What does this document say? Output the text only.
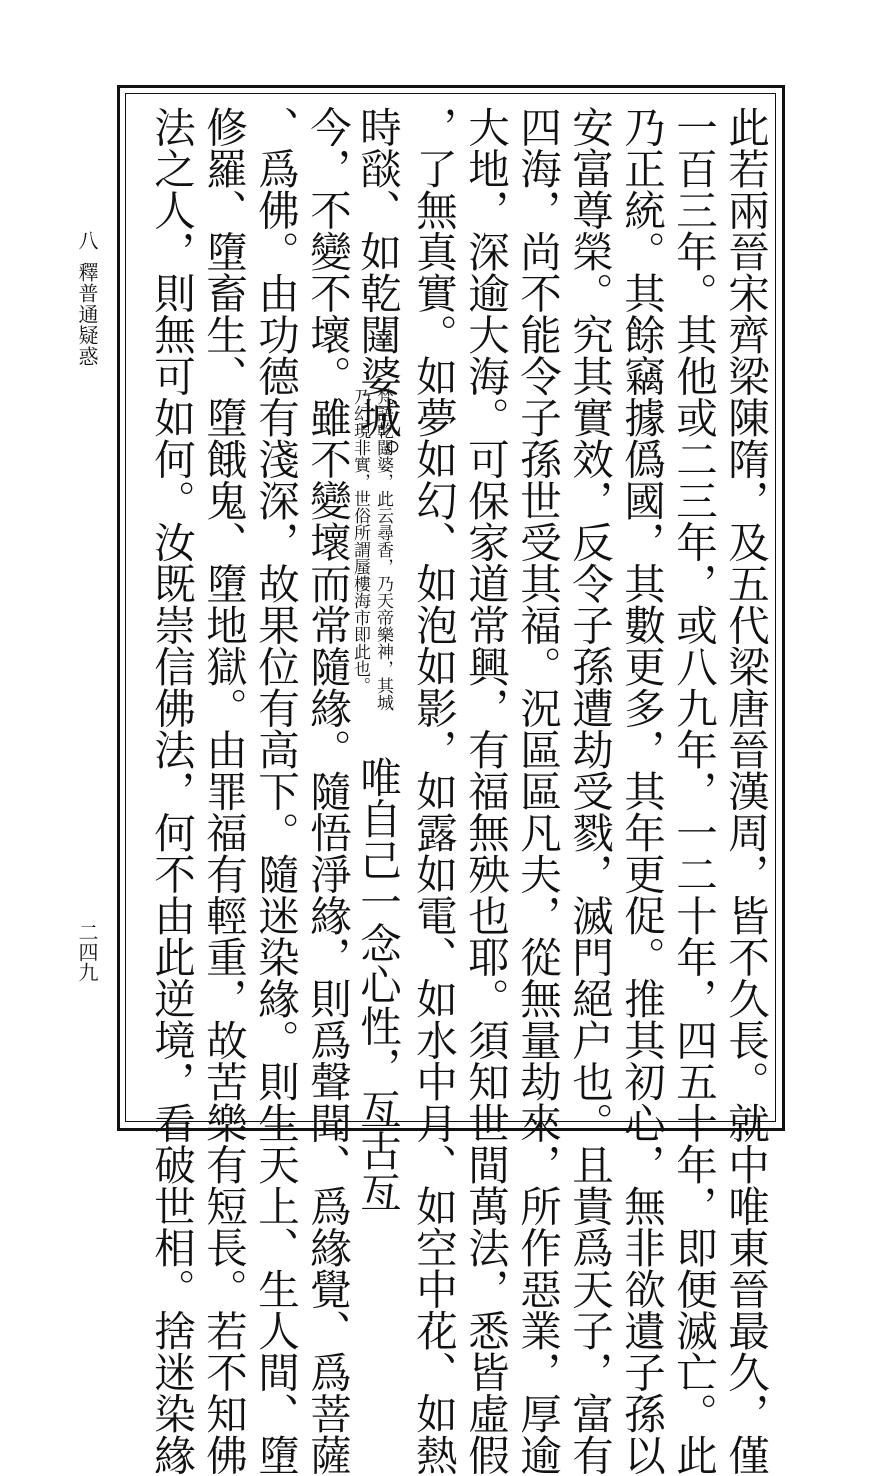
八
釋普通疑惑
二四九	此若兩晉宋齊梁陳隋，及五代梁唐晉漢周，皆不久長。就中唯東晉最久，僅
一百三年。其他或二三年，或八九年，一二十年，四五十年，即便滅亡。此
乃正統。其餘竊據僞國，其數更多，其年更促。推其初心，無非欲遺子孫以
安富尊榮。究其實效，反令子孫遭劫受戮，滅門絕户也。且貴爲天子，富有
四海，尚不能令子孫世受其福。況區區凡夫，從無量劫來，所作惡業，厚逾
大地，深逾大海。可保家道常興，有福無殃也耶。須知世間萬法，悉皆虛假
，了無真實。如夢如幻、如泡如影，如露如電、如水中月、如空中花、如熱
時𦦨、如乾闥婆城。
梵語乾闥婆，此云尋香，乃天帝樂神，其城
乃幻現非實，世俗所謂蜃樓海市即此也。
唯自己一念心性，亙古亙
今，不變不壞。雖不變壞而常隨緣。隨悟淨緣，則爲聲聞、爲緣覺、爲菩薩
、爲佛。由功德有淺深，故果位有高下。隨迷染緣。則生天上、生人間、墮
修羅、墮畜生、墮餓鬼、墮地獄。由罪福有輕重，故苦樂有短長。若不知佛
法之人，則無可如何。汝既崇信佛法，何不由此逆境，看破世相。捨迷染緣
